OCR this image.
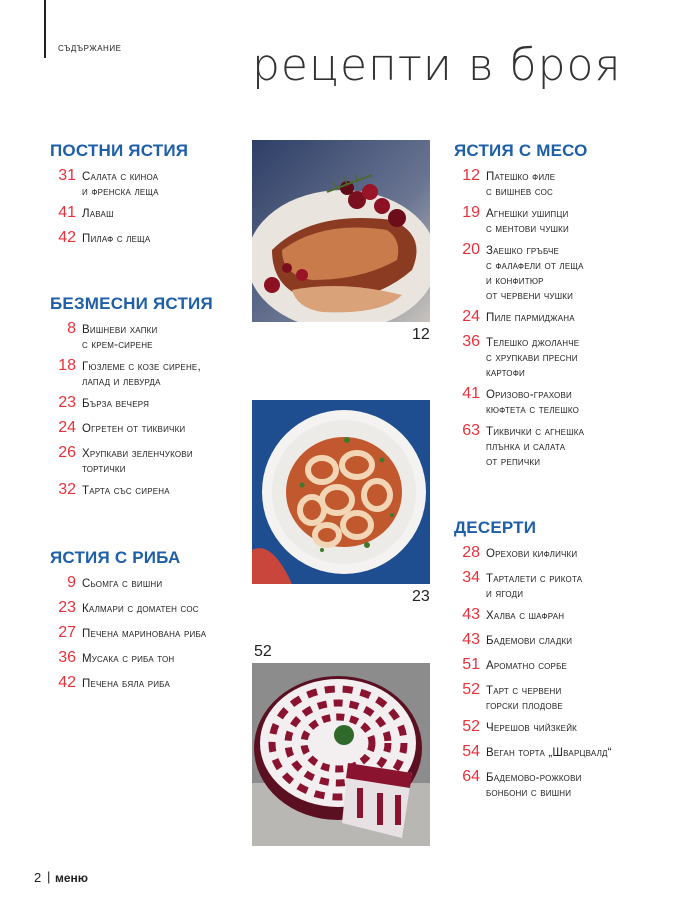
съдържание	рецепти в броя
ПОСТНИ ЯСТИЯ
31 Салата с киноа
и френска леща
41 Лаваш
42 Пилаф с леща
БЕЗМЕСНИ ЯСТИЯ
8 Вишневи хапки
с крем-сирене
18 Гюзлеме с козе сирене,
лапад и левурда
23 Бърза вечеря
24 Огретен от тиквички
26 Хрупкави зеленчукови
тортички
32 Тарта със сирена
ЯСТИЯ С РИБА
9 Сьомга с вишни
23 Калмари с доматен сос
27 Печена маринована риба
36 Мусака с риба тон
42 Печена бяла риба
ЯСТИЯ С МЕСО
12 Патешко филе
с вишнев сос
19 Агнешки ушипци
с ментови чушки
20 Заешко гръбче
с фалафели от леща
и конфитюр
от червени чушки
24 Пиле пармиджана
36 Телешко джоланче
с хрупкави пресни
картофи
41 Оризово-грахови
кюфтета с телешко
63 Тиквички с агнешка
плънка и салата
от репички
ДЕСЕРТИ
28 Орехови кифлички
34 Тарталети с рикота
и ягоди
43 Халва с шафран
43 Бадемови сладки
51 Ароматно сорбе
52 Тарт с червени
горски плодове
52 Черешов чийзкейк
54 Веган торта „Шварцвалд“
64 Бадемово-рожкови
бонбони с вишни
12
23
52
2 | меню
